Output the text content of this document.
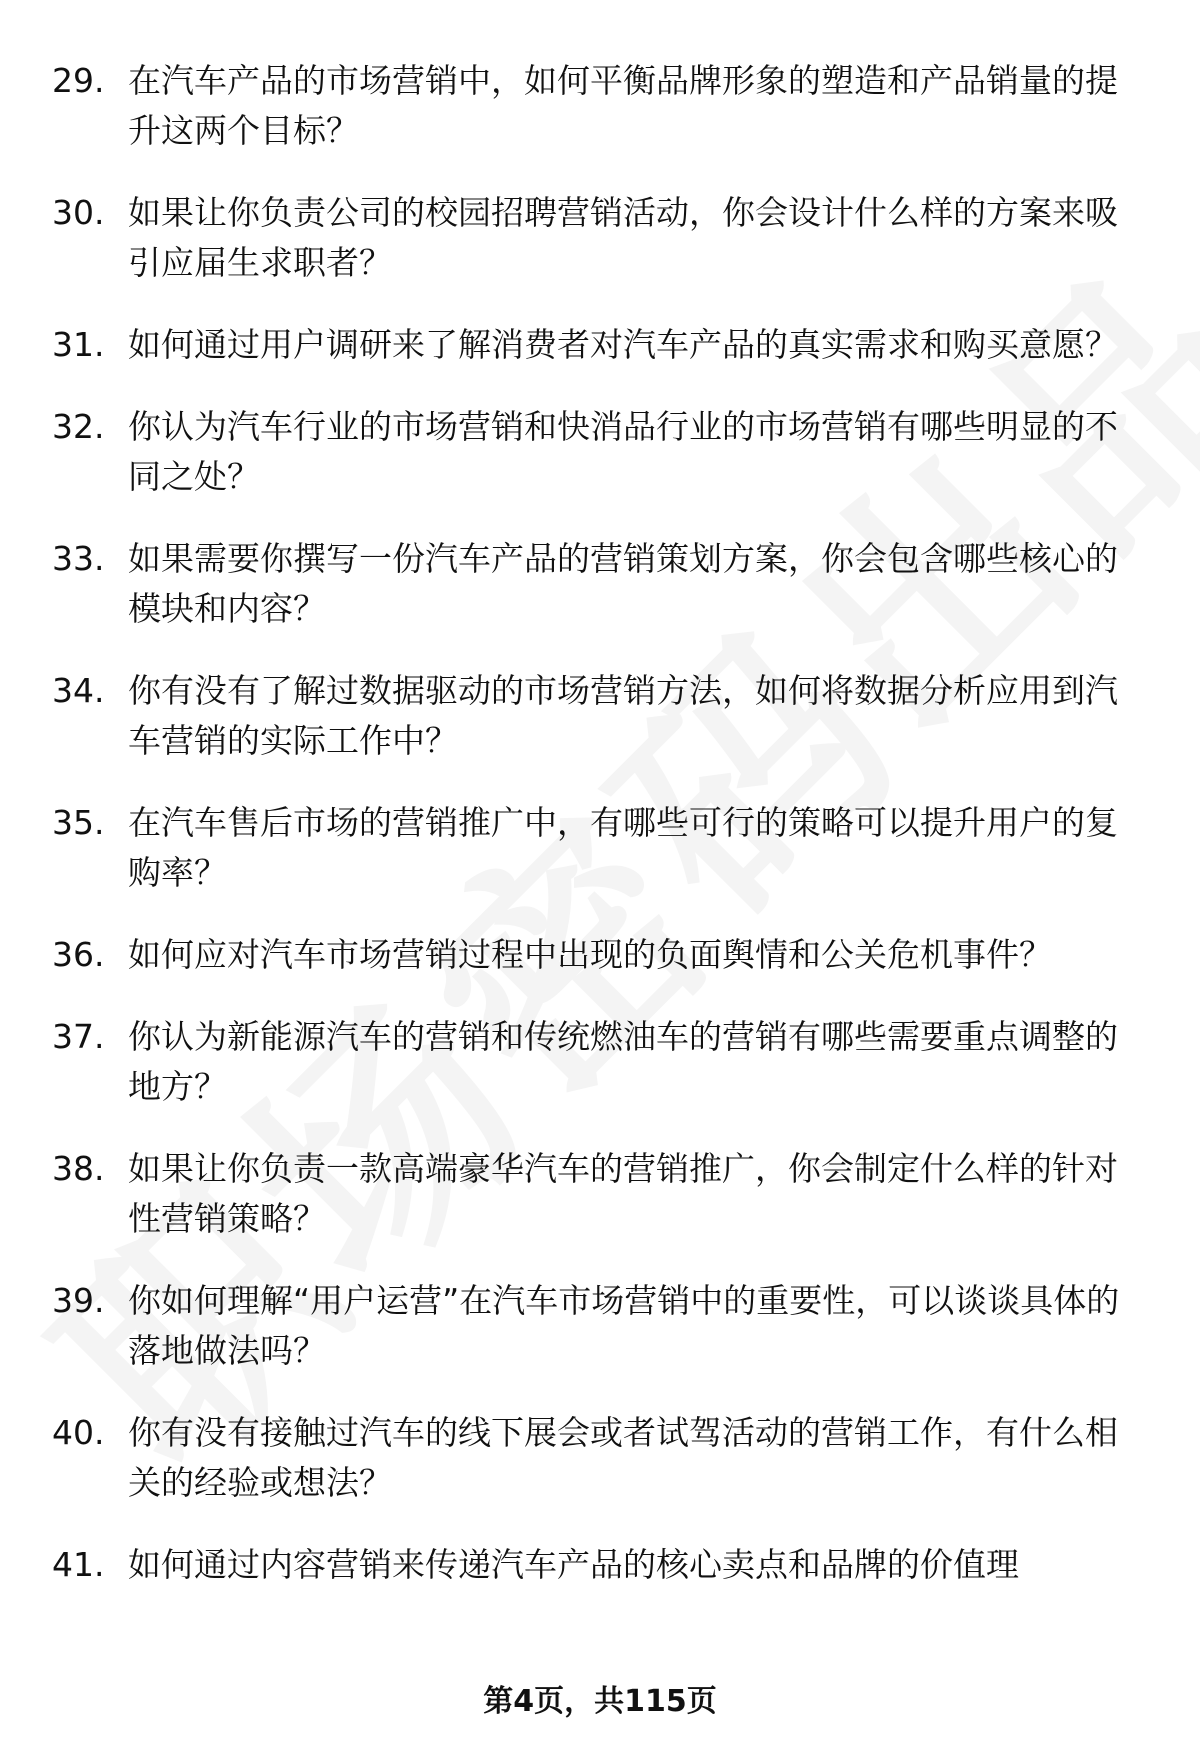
29. 在汽车产品的市场营销中，如何平衡品牌形象的塑造和产品销量的提升这两个目标？
30. 如果让你负责公司的校园招聘营销活动，你会设计什么样的方案来吸引应届生求职者？
31. 如何通过用户调研来了解消费者对汽车产品的真实需求和购买意愿？
32. 你认为汽车行业的市场营销和快消品行业的市场营销有哪些明显的不同之处？
33. 如果需要你撰写一份汽车产品的营销策划方案，你会包含哪些核心的模块和内容？
34. 你有没有了解过数据驱动的市场营销方法，如何将数据分析应用到汽车营销的实际工作中？
35. 在汽车售后市场的营销推广中，有哪些可行的策略可以提升用户的复购率？
36. 如何应对汽车市场营销过程中出现的负面舆情和公关危机事件？
37. 你认为新能源汽车的营销和传统燃油车的营销有哪些需要重点调整的地方？
38. 如果让你负责一款高端豪华汽车的营销推广，你会制定什么样的针对性营销策略？
39. 你如何理解“用户运营”在汽车市场营销中的重要性，可以谈谈具体的落地做法吗？
40. 你有没有接触过汽车的线下展会或者试驾活动的营销工作，有什么相关的经验或想法？
41. 如何通过内容营销来传递汽车产品的核心卖点和品牌的价值理
第4页，共115页
